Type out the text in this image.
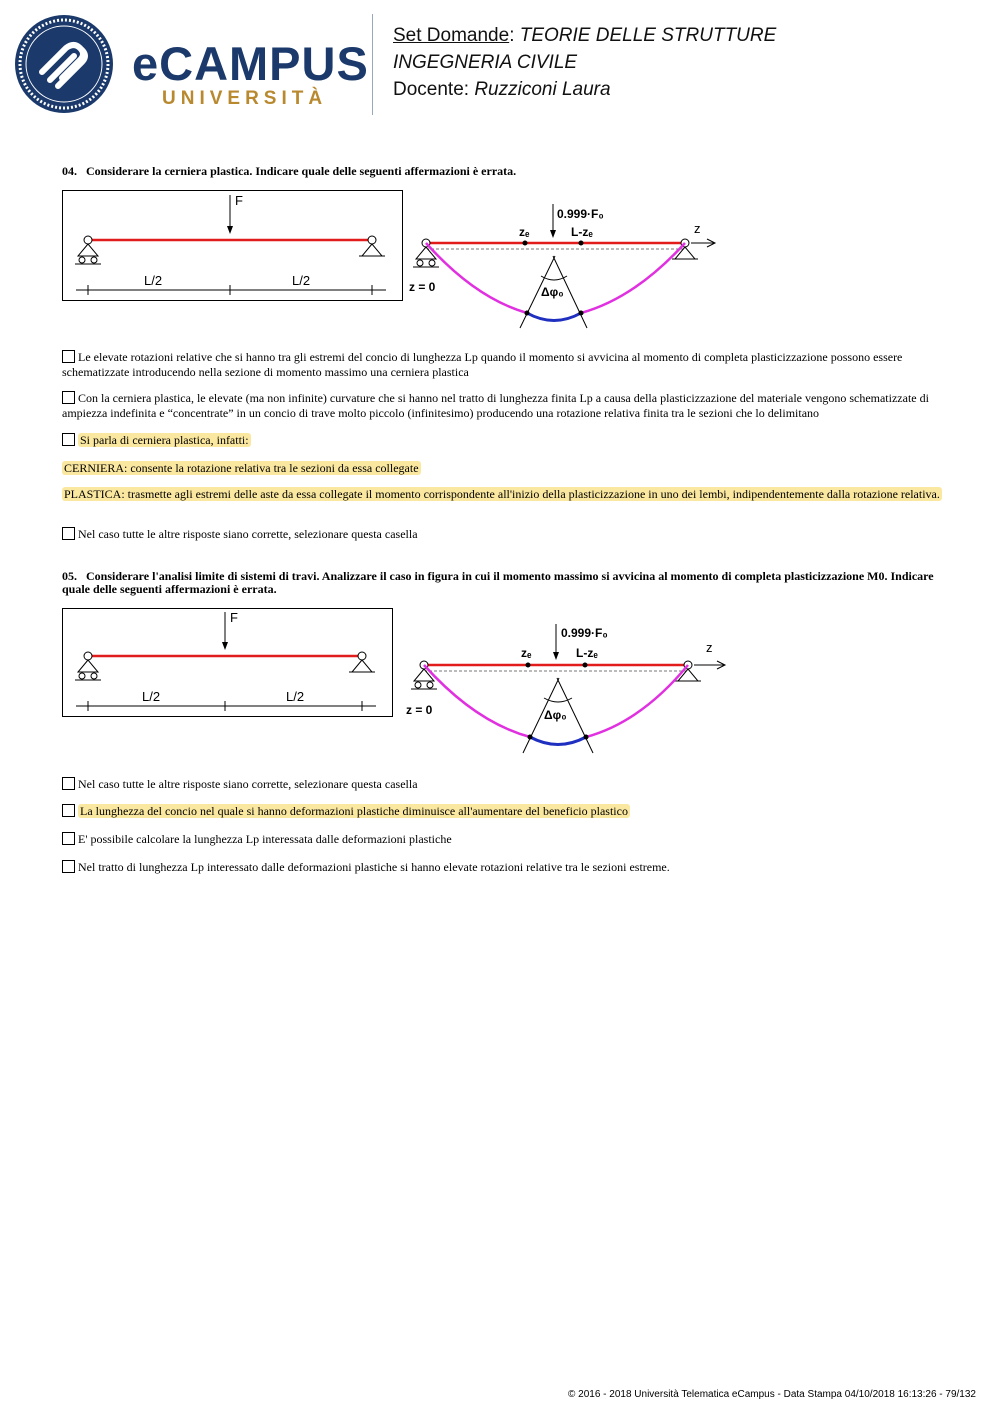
eCAMPUS
UNIVERSITÀ
Set Domande: TEORIE DELLE STRUTTURE
INGEGNERIA CIVILE
Docente: Ruzziconi Laura
04. Considerare la cerniera plastica. Indicare quale delle seguenti affermazioni è errata.
F
L/2	L/2
z
z = 0
0.999·F₀
zₑ	L-zₑ
Δφ₀
Le elevate rotazioni relative che si hanno tra gli estremi del concio di lunghezza Lp quando il momento si avvicina al momento di completa plasticizzazione possono essere schematizzate introducendo nella sezione di momento massimo una cerniera plastica
Con la cerniera plastica, le elevate (ma non infinite) curvature che si hanno nel tratto di lunghezza finita Lp a causa della plasticizzazione del materiale vengono schematizzate di ampiezza indefinita e “concentrate” in un concio di trave molto piccolo (infinitesimo) producendo una rotazione relativa finita tra le sezioni che lo delimitano
Si parla di cerniera plastica, infatti:
CERNIERA: consente la rotazione relativa tra le sezioni da essa collegate
PLASTICA: trasmette agli estremi delle aste da essa collegate il momento corrispondente all'inizio della plasticizzazione in uno dei lembi, indipendentemente dalla rotazione relativa.
Nel caso tutte le altre risposte siano corrette, selezionare questa casella
05. Considerare l'analisi limite di sistemi di travi. Analizzare il caso in figura in cui il momento massimo si avvicina al momento di completa plasticizzazione M0. Indicare quale delle seguenti affermazioni è errata.
F
L/2	L/2
z
z = 0
0.999·F₀
zₑ	L-zₑ
Δφ₀
Nel caso tutte le altre risposte siano corrette, selezionare questa casella
La lunghezza del concio nel quale si hanno deformazioni plastiche diminuisce all'aumentare del beneficio plastico
E' possibile calcolare la lunghezza Lp interessata dalle deformazioni plastiche
Nel tratto di lunghezza Lp interessato dalle deformazioni plastiche si hanno elevate rotazioni relative tra le sezioni estreme.
© 2016 - 2018 Università Telematica eCampus - Data Stampa 04/10/2018 16:13:26 - 79/132
